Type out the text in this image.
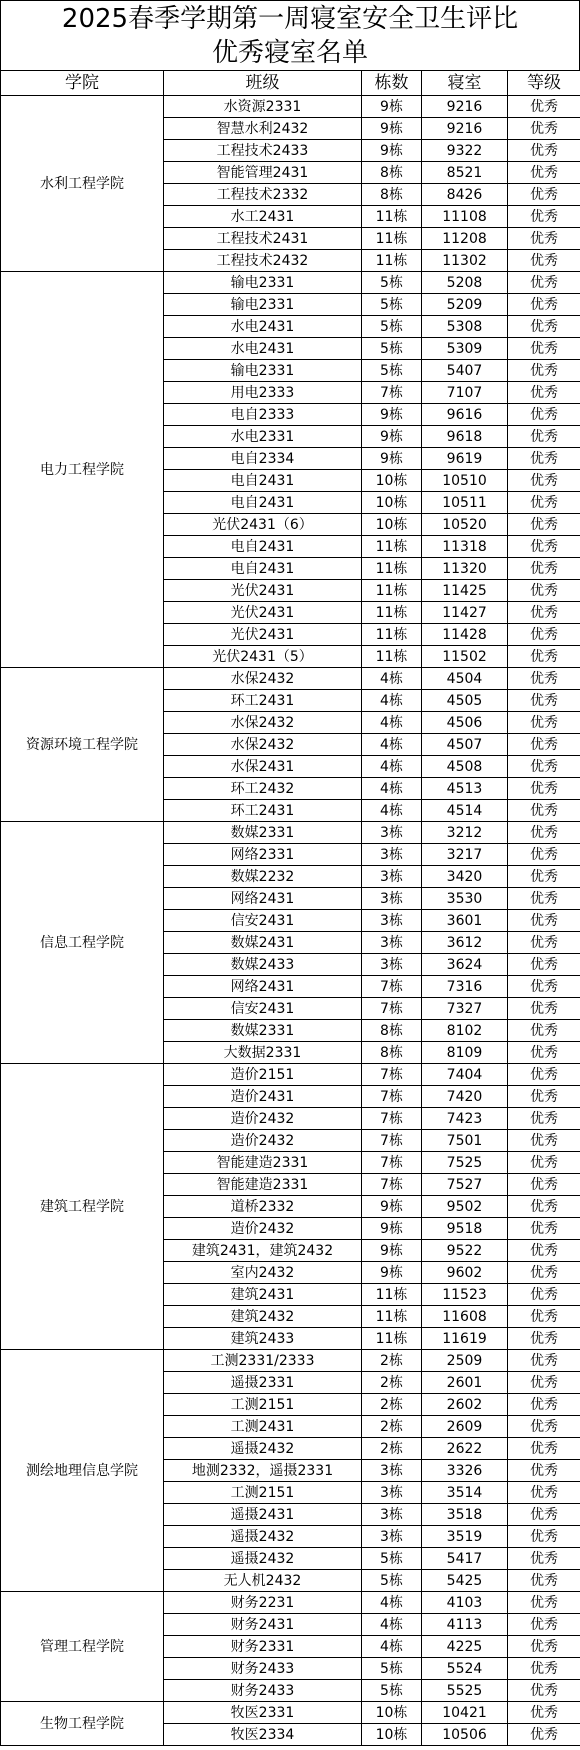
2025春季学期第一周寝室安全卫生评比
优秀寝室名单
学院	班级	栋数	寝室	等级
水利工程学院	水资源2331	9栋	9216	优秀
	智慧水利2432	9栋	9216	优秀
	工程技术2433	9栋	9322	优秀
	智能管理2431	8栋	8521	优秀
	工程技术2332	8栋	8426	优秀
	水工2431	11栋	11108	优秀
	工程技术2431	11栋	11208	优秀
	工程技术2432	11栋	11302	优秀
电力工程学院	输电2331	5栋	5208	优秀
	输电2331	5栋	5209	优秀
	水电2431	5栋	5308	优秀
	水电2431	5栋	5309	优秀
	输电2331	5栋	5407	优秀
	用电2333	7栋	7107	优秀
	电自2333	9栋	9616	优秀
	水电2331	9栋	9618	优秀
	电自2334	9栋	9619	优秀
	电自2431	10栋	10510	优秀
	电自2431	10栋	10511	优秀
	光伏2431（6）	10栋	10520	优秀
	电自2431	11栋	11318	优秀
	电自2431	11栋	11320	优秀
	光伏2431	11栋	11425	优秀
	光伏2431	11栋	11427	优秀
	光伏2431	11栋	11428	优秀
	光伏2431（5）	11栋	11502	优秀
资源环境工程学院	水保2432	4栋	4504	优秀
	环工2431	4栋	4505	优秀
	水保2432	4栋	4506	优秀
	水保2432	4栋	4507	优秀
	水保2431	4栋	4508	优秀
	环工2432	4栋	4513	优秀
	环工2431	4栋	4514	优秀
信息工程学院	数媒2331	3栋	3212	优秀
	网络2331	3栋	3217	优秀
	数媒2232	3栋	3420	优秀
	网络2431	3栋	3530	优秀
	信安2431	3栋	3601	优秀
	数媒2431	3栋	3612	优秀
	数媒2433	3栋	3624	优秀
	网络2431	7栋	7316	优秀
	信安2431	7栋	7327	优秀
	数媒2331	8栋	8102	优秀
	大数据2331	8栋	8109	优秀
建筑工程学院	造价2151	7栋	7404	优秀
	造价2431	7栋	7420	优秀
	造价2432	7栋	7423	优秀
	造价2432	7栋	7501	优秀
	智能建造2331	7栋	7525	优秀
	智能建造2331	7栋	7527	优秀
	道桥2332	9栋	9502	优秀
	造价2432	9栋	9518	优秀
	建筑2431，建筑2432	9栋	9522	优秀
	室内2432	9栋	9602	优秀
	建筑2431	11栋	11523	优秀
	建筑2432	11栋	11608	优秀
	建筑2433	11栋	11619	优秀
测绘地理信息学院	工测2331/2333	2栋	2509	优秀
	遥摄2331	2栋	2601	优秀
	工测2151	2栋	2602	优秀
	工测2431	2栋	2609	优秀
	遥摄2432	2栋	2622	优秀
	地测2332，遥摄2331	3栋	3326	优秀
	工测2151	3栋	3514	优秀
	遥摄2431	3栋	3518	优秀
	遥摄2432	3栋	3519	优秀
	遥摄2432	5栋	5417	优秀
	无人机2432	5栋	5425	优秀
管理工程学院	财务2231	4栋	4103	优秀
	财务2431	4栋	4113	优秀
	财务2331	4栋	4225	优秀
	财务2433	5栋	5524	优秀
	财务2433	5栋	5525	优秀
生物工程学院	牧医2331	10栋	10421	优秀
	牧医2334	10栋	10506	优秀
